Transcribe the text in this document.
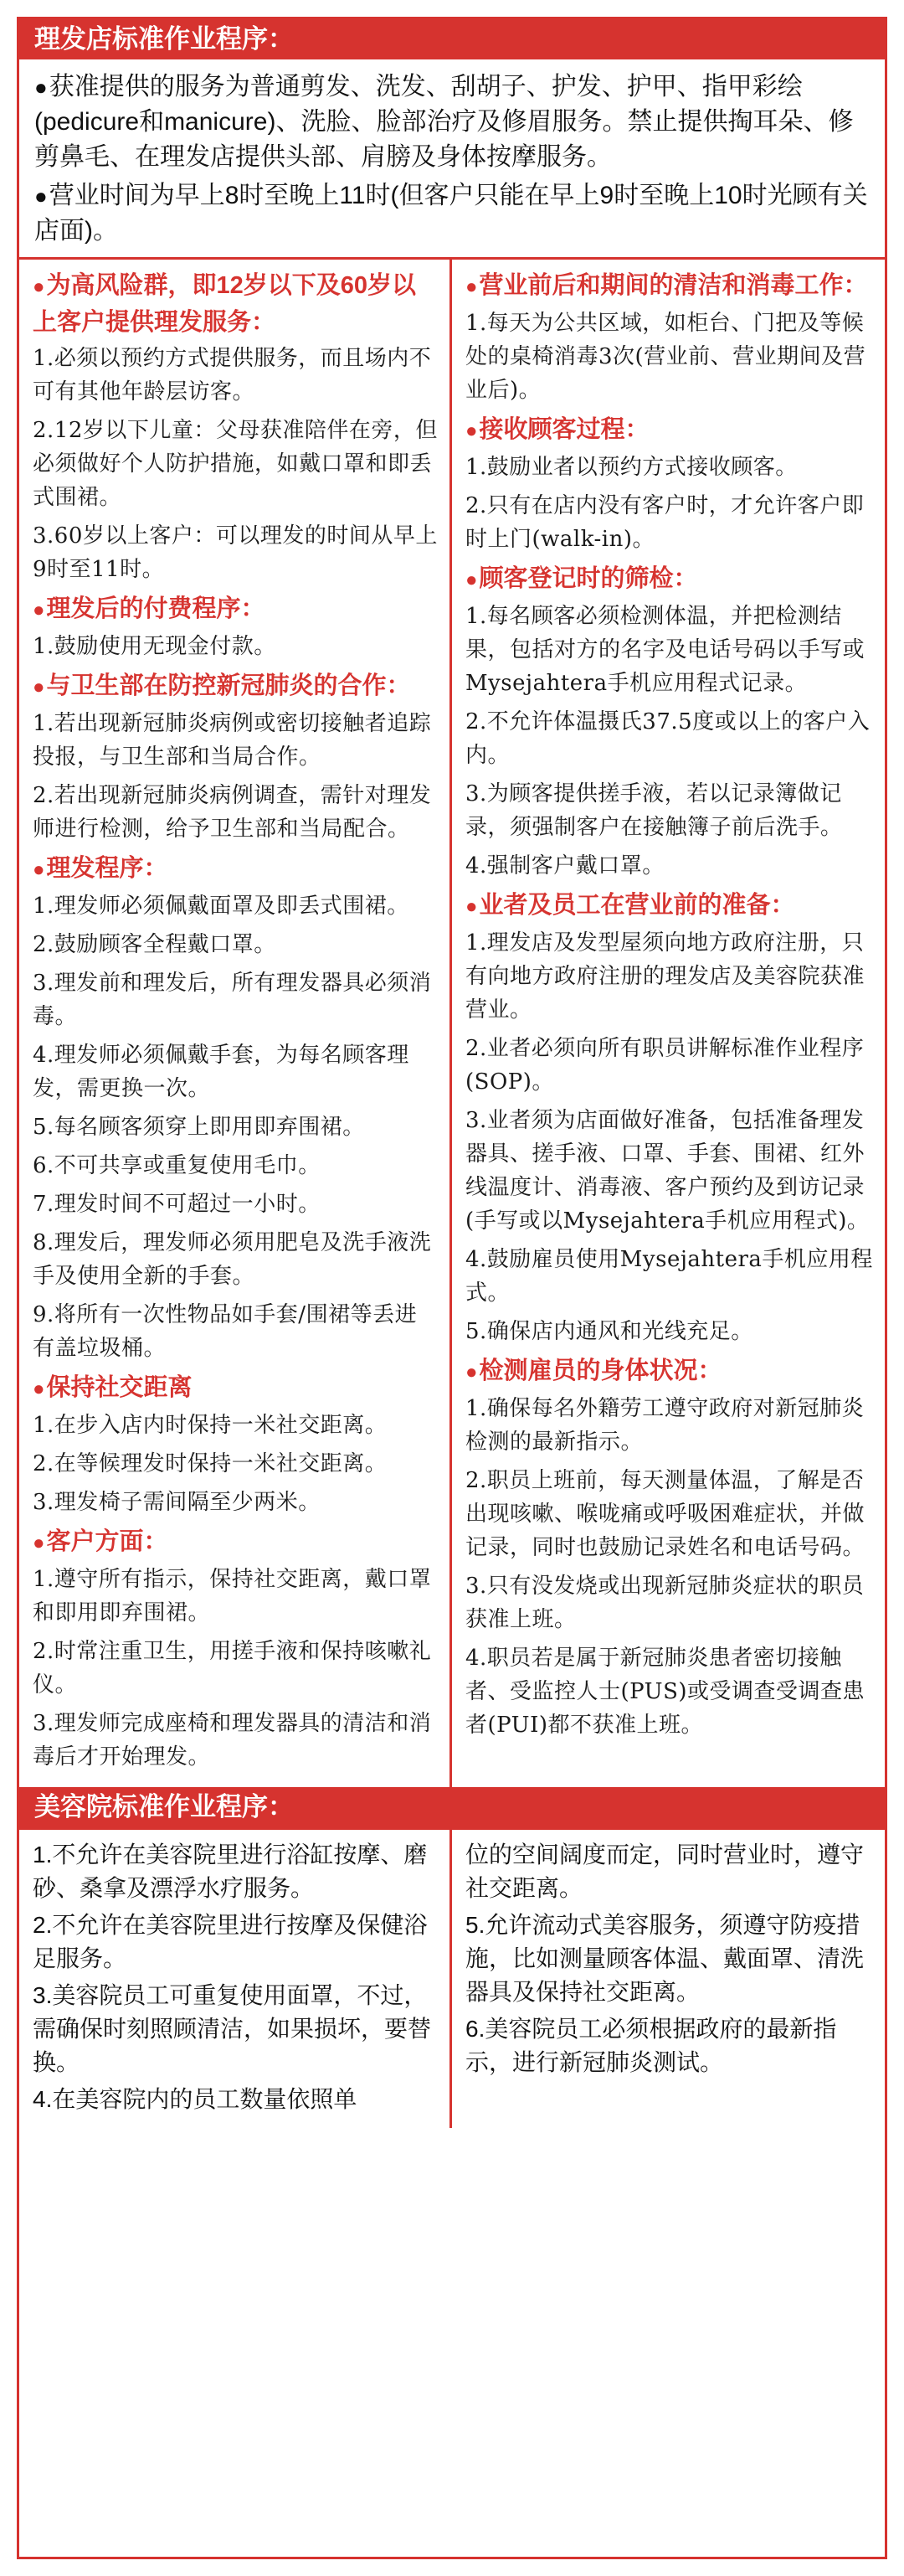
理发店标准作业程序：

●获准提供的服务为普通剪发、洗发、刮胡子、护发、护甲、指甲彩绘(pedicure和manicure)、洗脸、脸部治疗及修眉服务。禁止提供掏耳朵、修剪鼻毛、在理发店提供头部、肩膀及身体按摩服务。

●营业时间为早上8时至晚上11时(但客户只能在早上9时至晚上10时光顾有关店面)。

●为高风险群，即12岁以下及60岁以上客户提供理发服务：

1.必须以预约方式提供服务，而且场内不可有其他年龄层访客。

2.12岁以下儿童：父母获准陪伴在旁，但必须做好个人防护措施，如戴口罩和即丢式围裙。

3.60岁以上客户：可以理发的时间从早上9时至11时。

●理发后的付费程序：

1.鼓励使用无现金付款。

●与卫生部在防控新冠肺炎的合作：

1.若出现新冠肺炎病例或密切接触者追踪投报，与卫生部和当局合作。

2.若出现新冠肺炎病例调查，需针对理发师进行检测，给予卫生部和当局配合。

●理发程序：

1.理发师必须佩戴面罩及即丢式围裙。

2.鼓励顾客全程戴口罩。

3.理发前和理发后，所有理发器具必须消毒。

4.理发师必须佩戴手套，为每名顾客理发，需更换一次。

5.每名顾客须穿上即用即弃围裙。

6.不可共享或重复使用毛巾。

7.理发时间不可超过一小时。

8.理发后，理发师必须用肥皂及洗手液洗手及使用全新的手套。

9.将所有一次性物品如手套/围裙等丢进有盖垃圾桶。

●保持社交距离

1.在步入店内时保持一米社交距离。

2.在等候理发时保持一米社交距离。

3.理发椅子需间隔至少两米。

●客户方面：

1.遵守所有指示，保持社交距离，戴口罩和即用即弃围裙。

2.时常注重卫生，用搓手液和保持咳嗽礼仪。

3.理发师完成座椅和理发器具的清洁和消毒后才开始理发。

●营业前后和期间的清洁和消毒工作：

1.每天为公共区域，如柜台、门把及等候处的桌椅消毒3次(营业前、营业期间及营业后)。

●接收顾客过程：

1.鼓励业者以预约方式接收顾客。

2.只有在店内没有客户时，才允许客户即时上门(walk-in)。

●顾客登记时的筛检：

1.每名顾客必须检测体温，并把检测结果，包括对方的名字及电话号码以手写或Mysejahtera手机应用程式记录。

2.不允许体温摄氏37.5度或以上的客户入内。

3.为顾客提供搓手液，若以记录簿做记录，须强制客户在接触簿子前后洗手。

4.强制客户戴口罩。

●业者及员工在营业前的准备：

1.理发店及发型屋须向地方政府注册，只有向地方政府注册的理发店及美容院获准营业。

2.业者必须向所有职员讲解标准作业程序(SOP)。

3.业者须为店面做好准备，包括准备理发器具、搓手液、口罩、手套、围裙、红外线温度计、消毒液、客户预约及到访记录(手写或以Mysejahtera手机应用程式)。

4.鼓励雇员使用Mysejahtera手机应用程式。

5.确保店内通风和光线充足。

●检测雇员的身体状况：

1.确保每名外籍劳工遵守政府对新冠肺炎检测的最新指示。

2.职员上班前，每天测量体温，了解是否出现咳嗽、喉咙痛或呼吸困难症状，并做记录，同时也鼓励记录姓名和电话号码。

3.只有没发烧或出现新冠肺炎症状的职员获准上班。

4.职员若是属于新冠肺炎患者密切接触者、受监控人士(PUS)或受调查受调查患者(PUI)都不获准上班。

美容院标准作业程序：

1.不允许在美容院里进行浴缸按摩、磨砂、桑拿及漂浮水疗服务。

2.不允许在美容院里进行按摩及保健浴足服务。

3.美容院员工可重复使用面罩，不过，需确保时刻照顾清洁，如果损坏，要替换。

4.在美容院内的员工数量依照单

位的空间阔度而定，同时营业时，遵守社交距离。

5.允许流动式美容服务，须遵守防疫措施，比如测量顾客体温、戴面罩、清洗器具及保持社交距离。

6.美容院员工必须根据政府的最新指示，进行新冠肺炎测试。
